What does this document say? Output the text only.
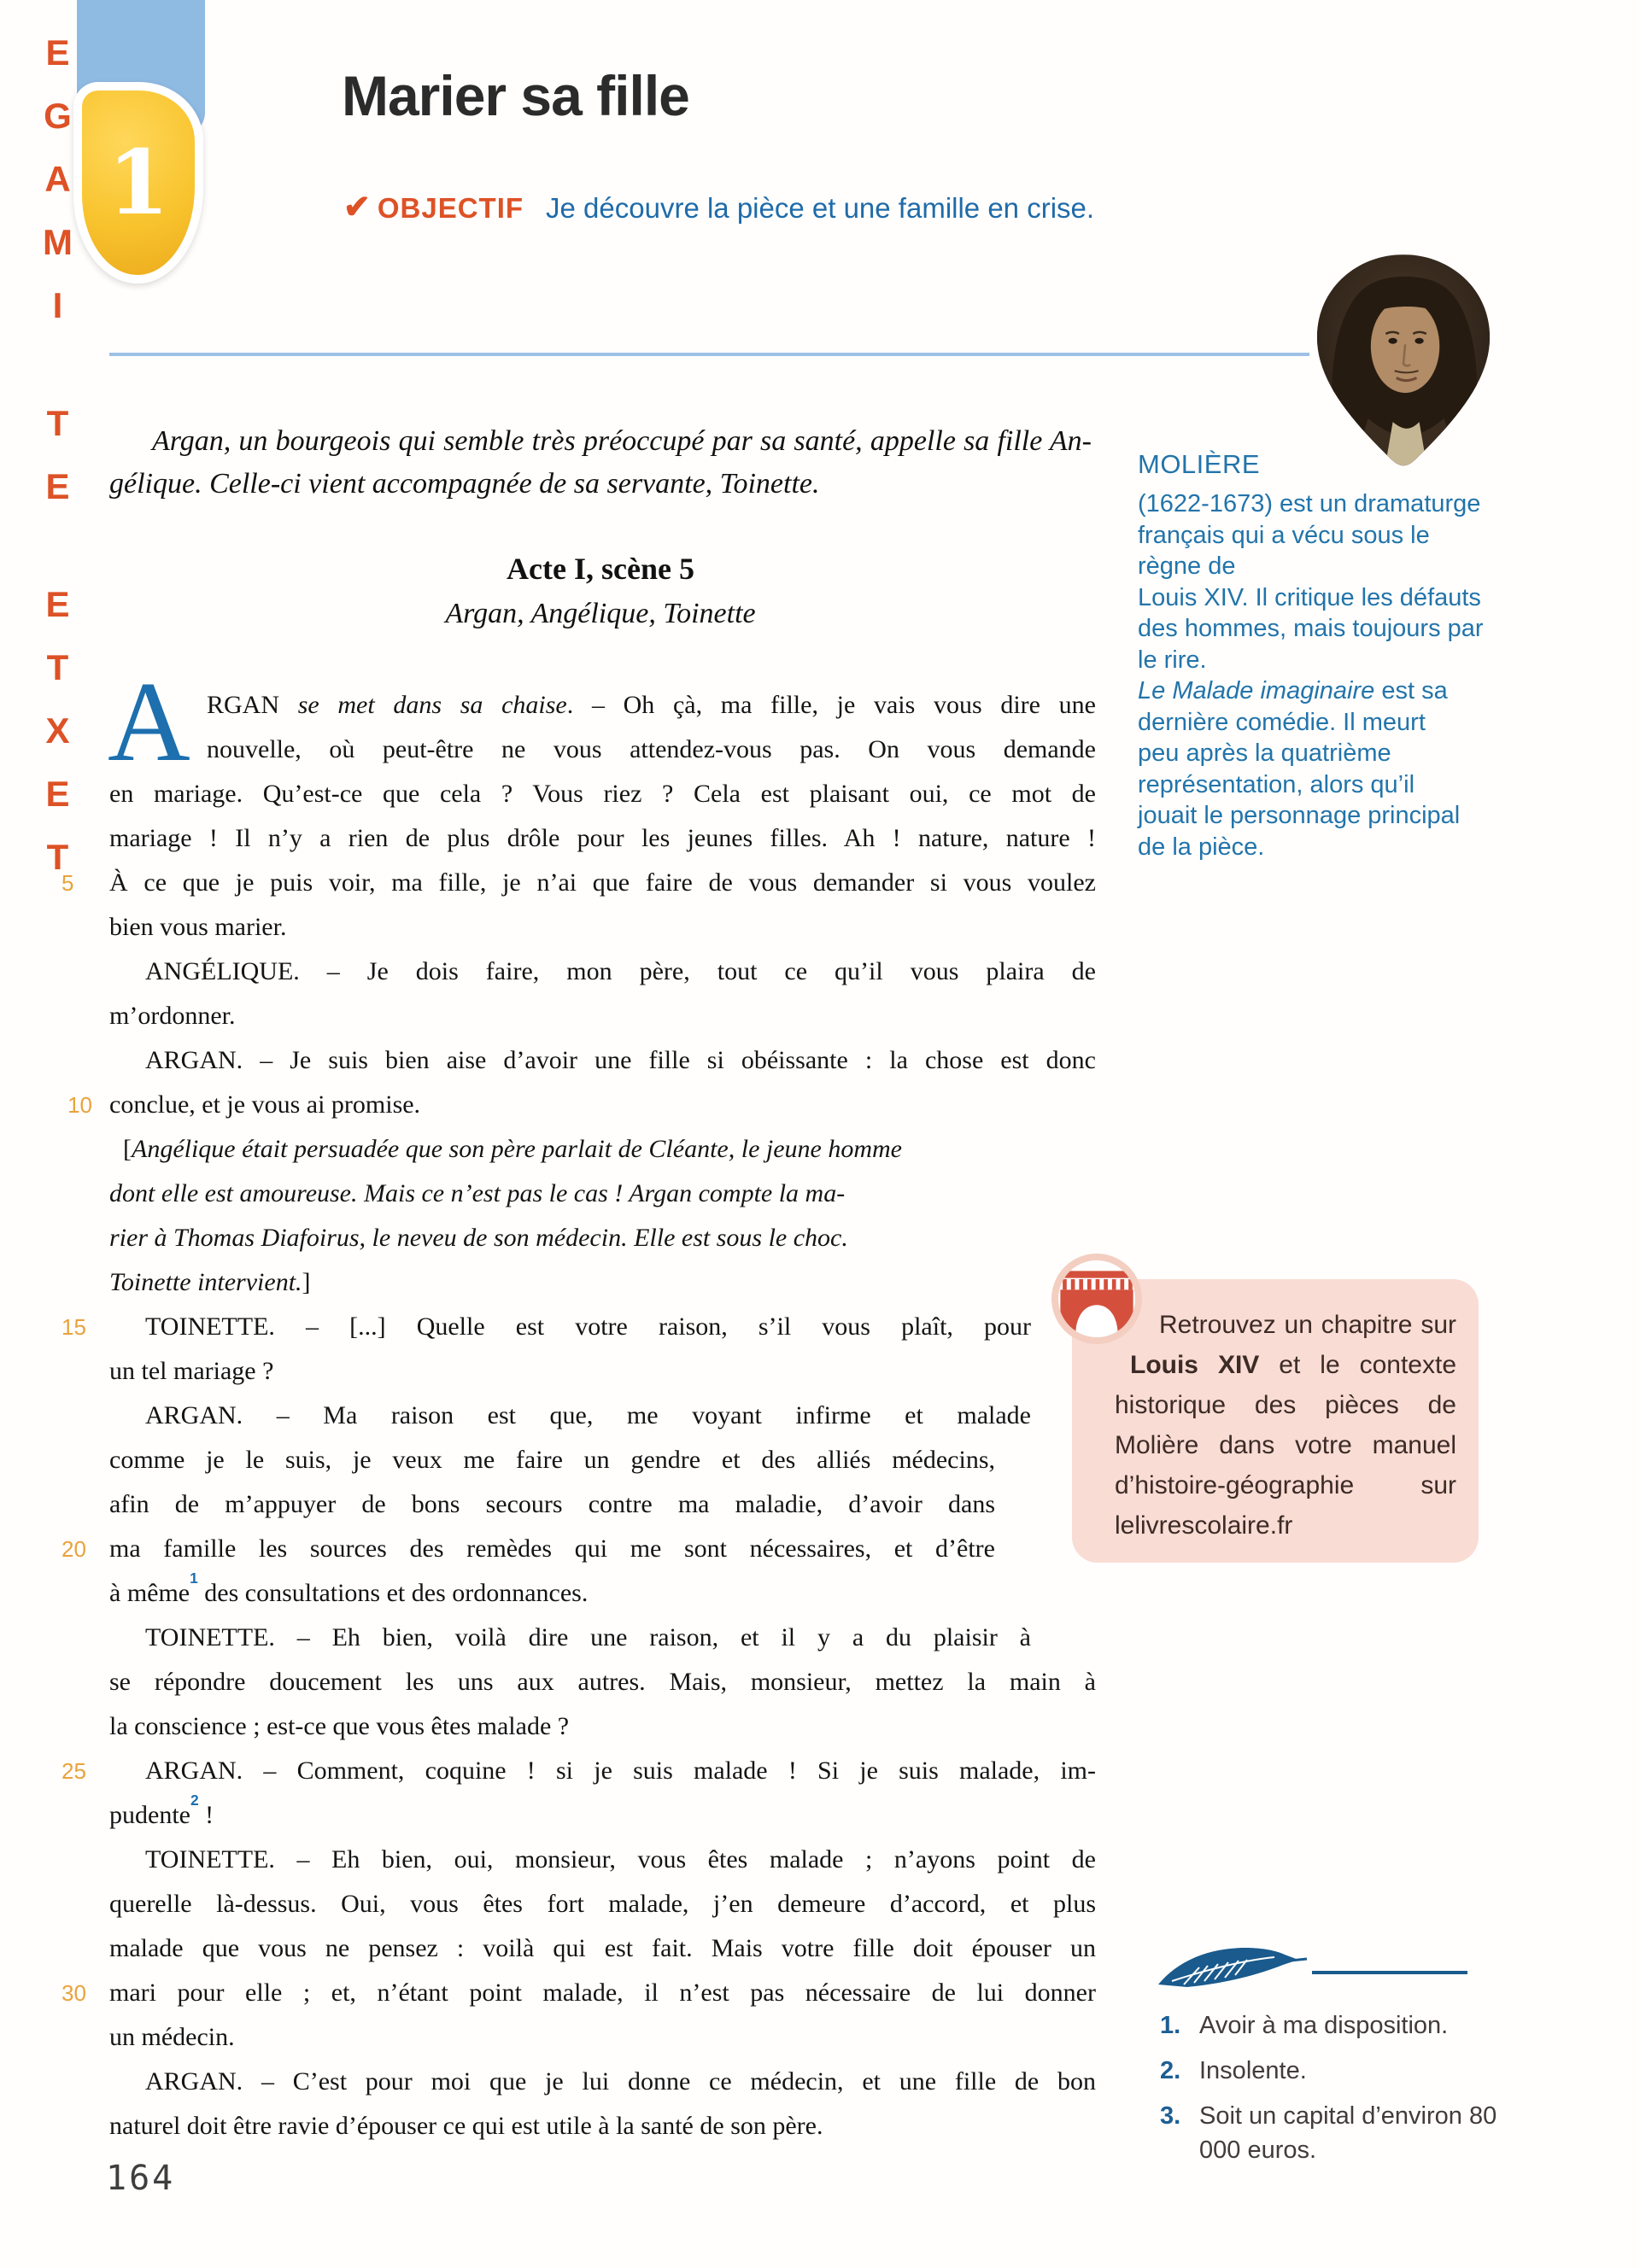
1
E
G
A
M
I
T
E
E
T
X
E
T
Marier sa fille
✔ OBJECTIF Je découvre la pièce et une famille en crise.
MOLIÈRE
(1622-1673) est un dramaturge
français qui a vécu sous le
règne de
Louis XIV. Il critique les défauts
des hommes, mais toujours par
le rire.
Le Malade imaginaire est sa
dernière comédie. Il meurt
peu après la quatrième
représentation, alors qu’il
jouait le personnage principal
de la pièce.
Argan, un bourgeois qui semble très préoccupé par sa santé, appelle sa fille An-
gélique. Celle-ci vient accompagnée de sa servante, Toinette.
Acte I, scène 5
Argan, Angélique, Toinette
A RGAN se met dans sa chaise. – Oh çà, ma fille, je vais vous dire une
nouvelle, où peut-être ne vous attendez-vous pas. On vous demande
en mariage. Qu’est-ce que cela ? Vous riez ? Cela est plaisant oui, ce mot de
mariage ! Il n’y a rien de plus drôle pour les jeunes filles. Ah ! nature, nature !
5	À ce que je puis voir, ma fille, je n’ai que faire de vous demander si vous voulez
bien vous marier.
ANGÉLIQUE. – Je dois faire, mon père, tout ce qu’il vous plaira de
m’ordonner.
ARGAN. – Je suis bien aise d’avoir une fille si obéissante : la chose est donc
10 conclue, et je vous ai promise.
[Angélique était persuadée que son père parlait de Cléante, le jeune homme
dont elle est amoureuse. Mais ce n’est pas le cas ! Argan compte la ma-
rier à Thomas Diafoirus, le neveu de son médecin. Elle est sous le choc.
Toinette intervient.]
15 TOINETTE. – [...] Quelle est votre raison, s’il vous plaît, pour
un tel mariage ?
ARGAN. – Ma raison est que, me voyant infirme et malade
comme je le suis, je veux me faire un gendre et des alliés médecins,
afin de m’appuyer de bons secours contre ma maladie, d’avoir dans
20 ma famille les sources des remèdes qui me sont nécessaires, et d’être
à même$^1$ des consultations et des ordonnances.
TOINETTE. – Eh bien, voilà dire une raison, et il y a du plaisir à
se répondre doucement les uns aux autres. Mais, monsieur, mettez la main à
la conscience ; est-ce que vous êtes malade ?
25 ARGAN. – Comment, coquine ! si je suis malade ! Si je suis malade, im-
pudente$^2$ !
TOINETTE. – Eh bien, oui, monsieur, vous êtes malade ; n’ayons point de
querelle là-dessus. Oui, vous êtes fort malade, j’en demeure d’accord, et plus
malade que vous ne pensez : voilà qui est fait. Mais votre fille doit épouser un
30 mari pour elle ; et, n’étant point malade, il n’est pas nécessaire de lui donner
un médecin.
ARGAN. – C’est pour moi que je lui donne ce médecin, et une fille de bon
naturel doit être ravie d’épouser ce qui est utile à la santé de son père.
Retrouvez un chapitre sur
Louis XIV et le contexte
historique des pièces de
Molière dans votre manuel
d’histoire-géographie sur
lelivrescolaire.fr
1. Avoir à ma disposition.
2. Insolente.
3. Soit un capital d’environ 80
000 euros.
164
